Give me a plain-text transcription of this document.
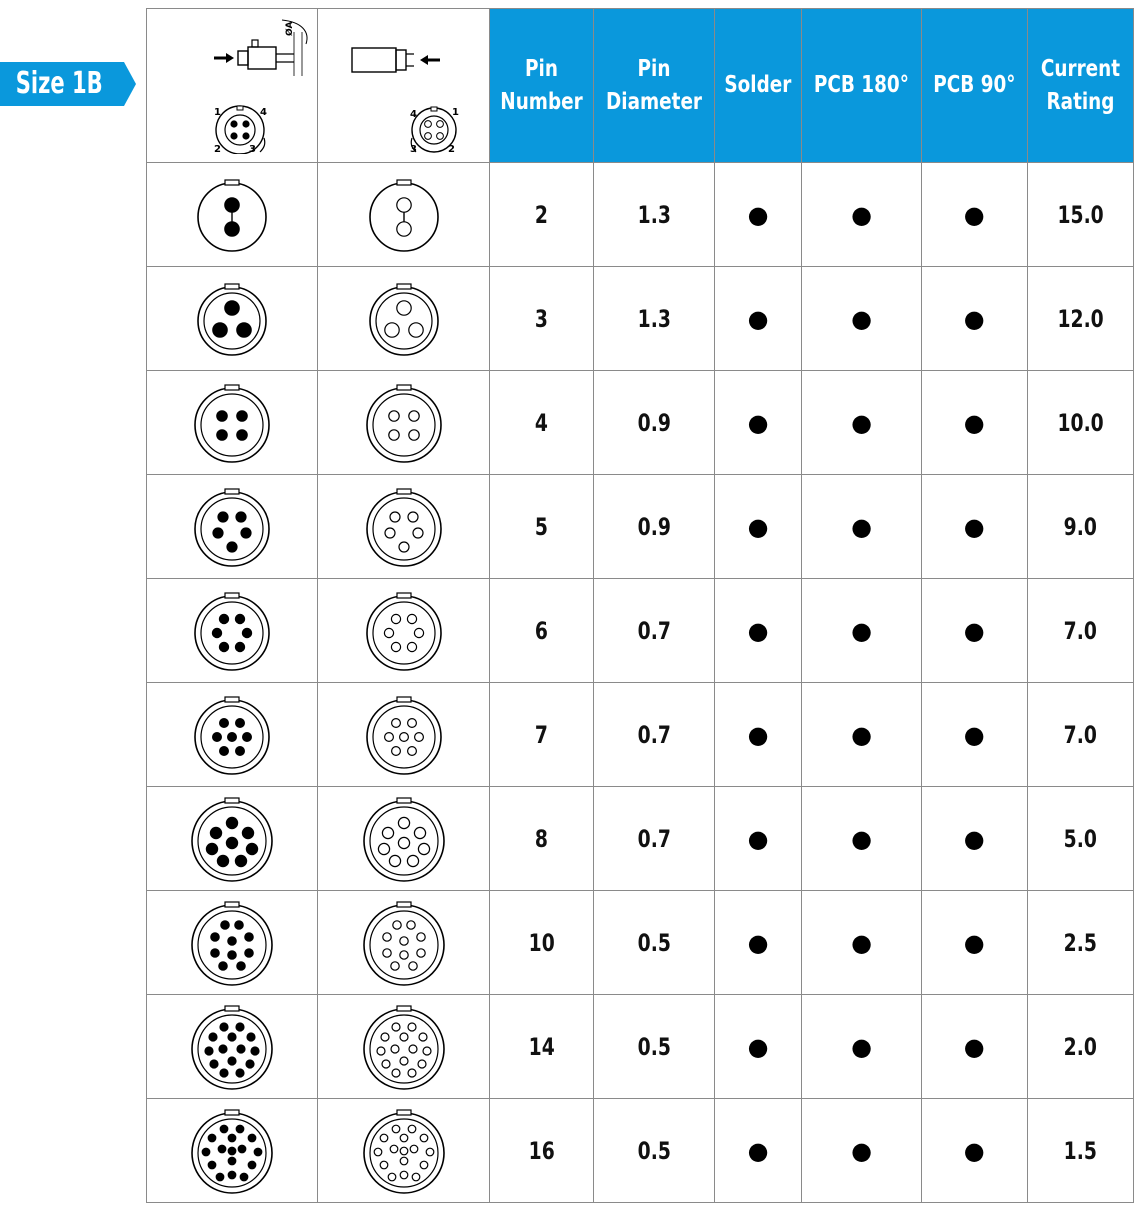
Size 1B
ØA
1 4
2 3	4 1
3 2	Pin
Number	Pin
Diameter	Solder	PCB 180°	PCB 90°	Current
Rating

	2	1.3	●	●	●	15.0

	3	1.3	●	●	●	12.0

	4	0.9	●	●	●	10.0

	5	0.9	●	●	●	9.0

	6	0.7	●	●	●	7.0

	7	0.7	●	●	●	7.0

	8	0.7	●	●	●	5.0

	10	0.5	●	●	●	2.5

	14	0.5	●	●	●	2.0

	16	0.5	●	●	●	1.5
